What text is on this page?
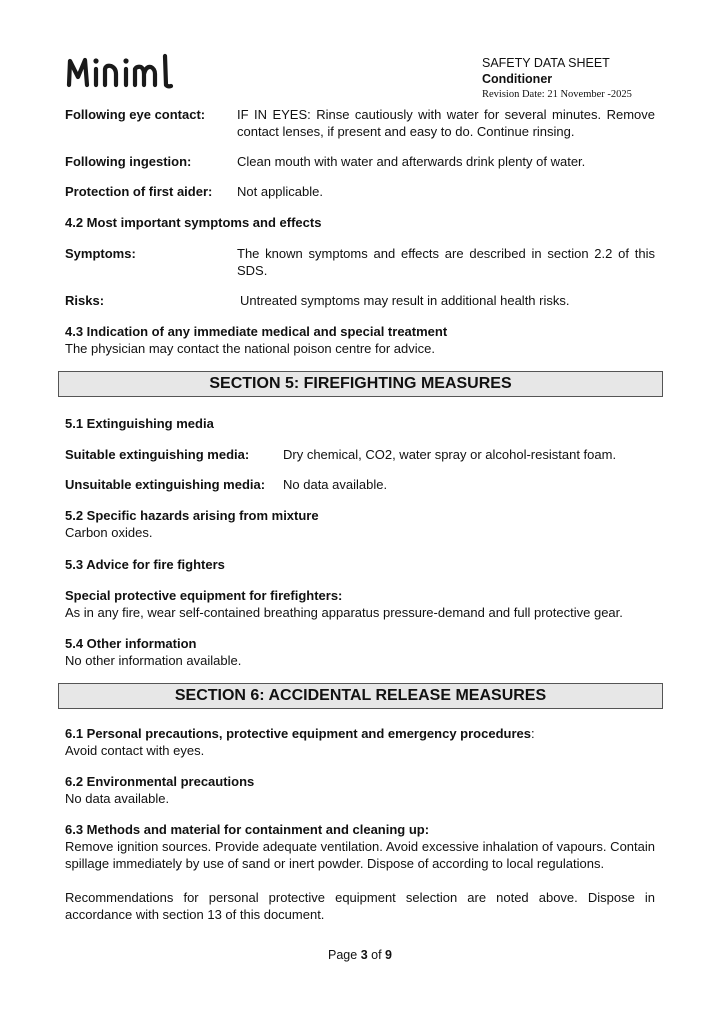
SAFETY DATA SHEET
Conditioner
Revision Date: 21 November -2025
Following eye contact:	IF IN EYES: Rinse cautiously with water for several minutes. Remove contact lenses, if present and easy to do. Continue rinsing.
Following ingestion:	Clean mouth with water and afterwards drink plenty of water.
Protection of first aider:	Not applicable.

4.2 Most important symptoms and effects

Symptoms:	The known symptoms and effects are described in section 2.2 of this SDS.
Risks:	Untreated symptoms may result in additional health risks.

4.3 Indication of any immediate medical and special treatment

The physician may contact the national poison centre for advice.

SECTION 5: FIREFIGHTING MEASURES

5.1 Extinguishing media

Suitable extinguishing media:	Dry chemical, CO2, water spray or alcohol-resistant foam.
Unsuitable extinguishing media:	No data available.

5.2 Specific hazards arising from mixture

Carbon oxides.

5.3 Advice for fire fighters

Special protective equipment for firefighters:

As in any fire, wear self-contained breathing apparatus pressure-demand and full protective gear.

5.4 Other information

No other information available.

SECTION 6: ACCIDENTAL RELEASE MEASURES

6.1 Personal precautions, protective equipment and emergency procedures:

Avoid contact with eyes.

6.2 Environmental precautions

No data available.

6.3 Methods and material for containment and cleaning up:

Remove ignition sources. Provide adequate ventilation. Avoid excessive inhalation of vapours. Contain spillage immediately by use of sand or inert powder. Dispose of according to local regulations.

Recommendations for personal protective equipment selection are noted above. Dispose in accordance with section 13 of this document.

Page 3 of 9
